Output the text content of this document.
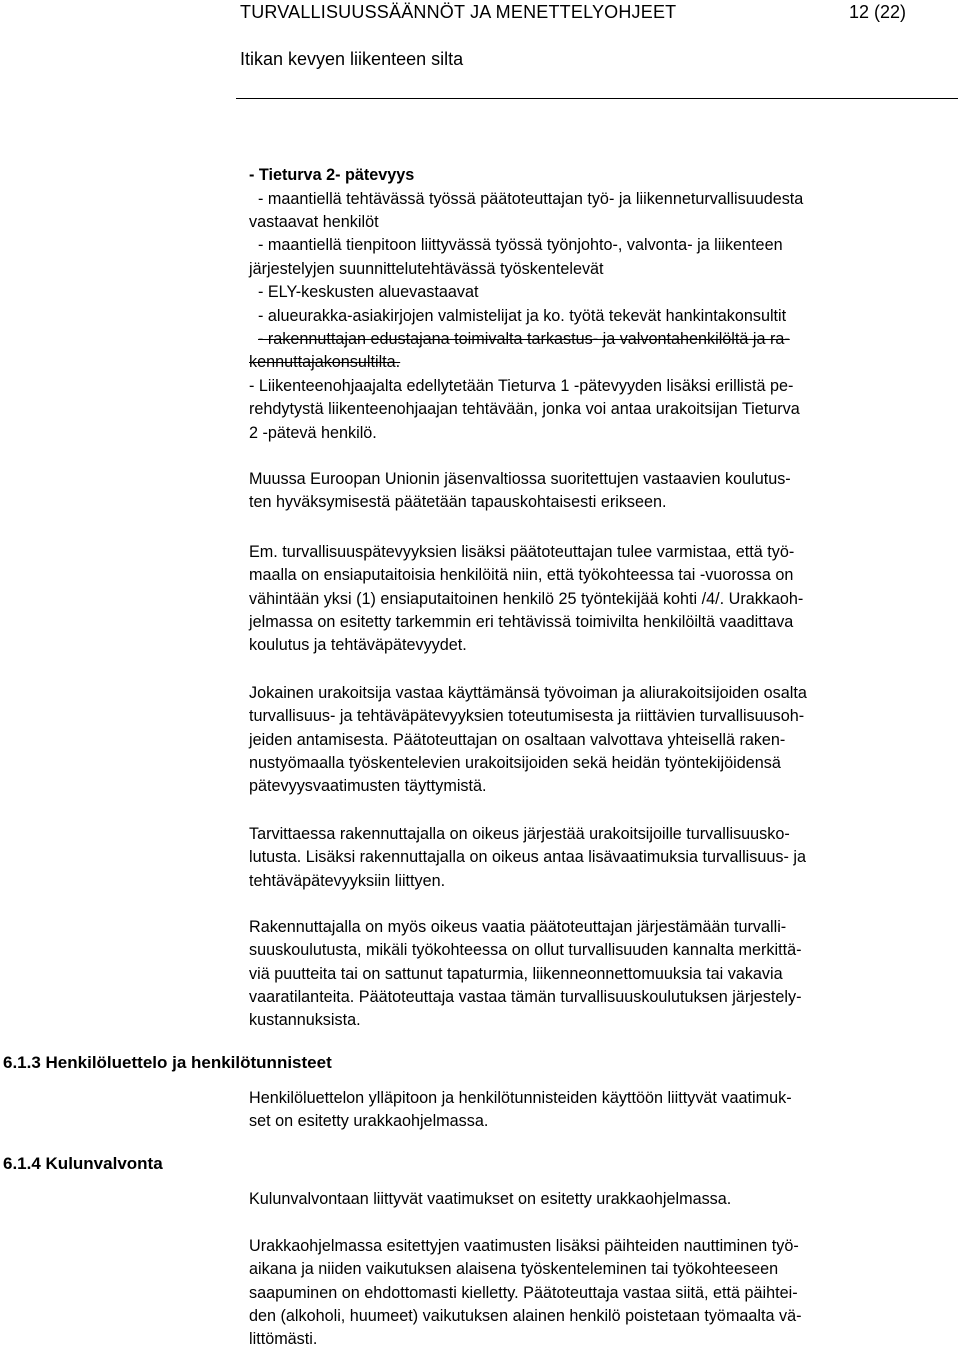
TURVALLISUUSSÄÄNNÖT JA MENETTELYOHJEET	12 (22)
Itikan kevyen liikenteen silta
- Tieturva 2- pätevyys
- maantiellä tehtävässä työssä päätoteuttajan työ- ja liikenneturvallisuudesta
vastaavat henkilöt
- maantiellä tienpitoon liittyvässä työssä työnjohto-, valvonta- ja liikenteen
järjestelyjen suunnittelutehtävässä työskentelevät
- ELY-keskusten aluevastaavat
- alueurakka-asiakirjojen valmistelijat ja ko. työtä tekevät hankintakonsultit
- rakennuttajan edustajana toimivalta tarkastus- ja valvontahenkilöltä ja ra-
kennuttajakonsultilta.
- Liikenteenohjaajalta edellytetään Tieturva 1 -pätevyyden lisäksi erillistä pe-
rehdytystä liikenteenohjaajan tehtävään, jonka voi antaa urakoitsijan Tieturva
2 -pätevä henkilö.
Muussa Euroopan Unionin jäsenvaltiossa suoritettujen vastaavien koulutus-
ten hyväksymisestä päätetään tapauskohtaisesti erikseen.
Em. turvallisuuspätevyyksien lisäksi päätoteuttajan tulee varmistaa, että työ-
maalla on ensiaputaitoisia henkilöitä niin, että työkohteessa tai -vuorossa on
vähintään yksi (1) ensiaputaitoinen henkilö 25 työntekijää kohti /4/. Urakkaoh-
jelmassa on esitetty tarkemmin eri tehtävissä toimivilta henkilöiltä vaadittava
koulutus ja tehtäväpätevyydet.
Jokainen urakoitsija vastaa käyttämänsä työvoiman ja aliurakoitsijoiden osalta
turvallisuus- ja tehtäväpätevyyksien toteutumisesta ja riittävien turvallisuusoh-
jeiden antamisesta. Päätoteuttajan on osaltaan valvottava yhteisellä raken-
nustyömaalla työskentelevien urakoitsijoiden sekä heidän työntekijöidensä
pätevyysvaatimusten täyttymistä.
Tarvittaessa rakennuttajalla on oikeus järjestää urakoitsijoille turvallisuusko-
lutusta. Lisäksi rakennuttajalla on oikeus antaa lisävaatimuksia turvallisuus- ja
tehtäväpätevyyksiin liittyen.
Rakennuttajalla on myös oikeus vaatia päätoteuttajan järjestämään turvalli-
suuskoulutusta, mikäli työkohteessa on ollut turvallisuuden kannalta merkittä-
viä puutteita tai on sattunut tapaturmia, liikenneonnettomuuksia tai vakavia
vaaratilanteita. Päätoteuttaja vastaa tämän turvallisuuskoulutuksen järjestely-
kustannuksista.
6.1.3 Henkilöluettelo ja henkilötunnisteet
Henkilöluettelon ylläpitoon ja henkilötunnisteiden käyttöön liittyvät vaatimuk-
set on esitetty urakkaohjelmassa.
6.1.4 Kulunvalvonta
Kulunvalvontaan liittyvät vaatimukset on esitetty urakkaohjelmassa.
Urakkaohjelmassa esitettyjen vaatimusten lisäksi päihteiden nauttiminen työ-
aikana ja niiden vaikutuksen alaisena työskenteleminen tai työkohteeseen
saapuminen on ehdottomasti kielletty. Päätoteuttaja vastaa siitä, että päihtei-
den (alkoholi, huumeet) vaikutuksen alainen henkilö poistetaan työmaalta vä-
littömästi.
